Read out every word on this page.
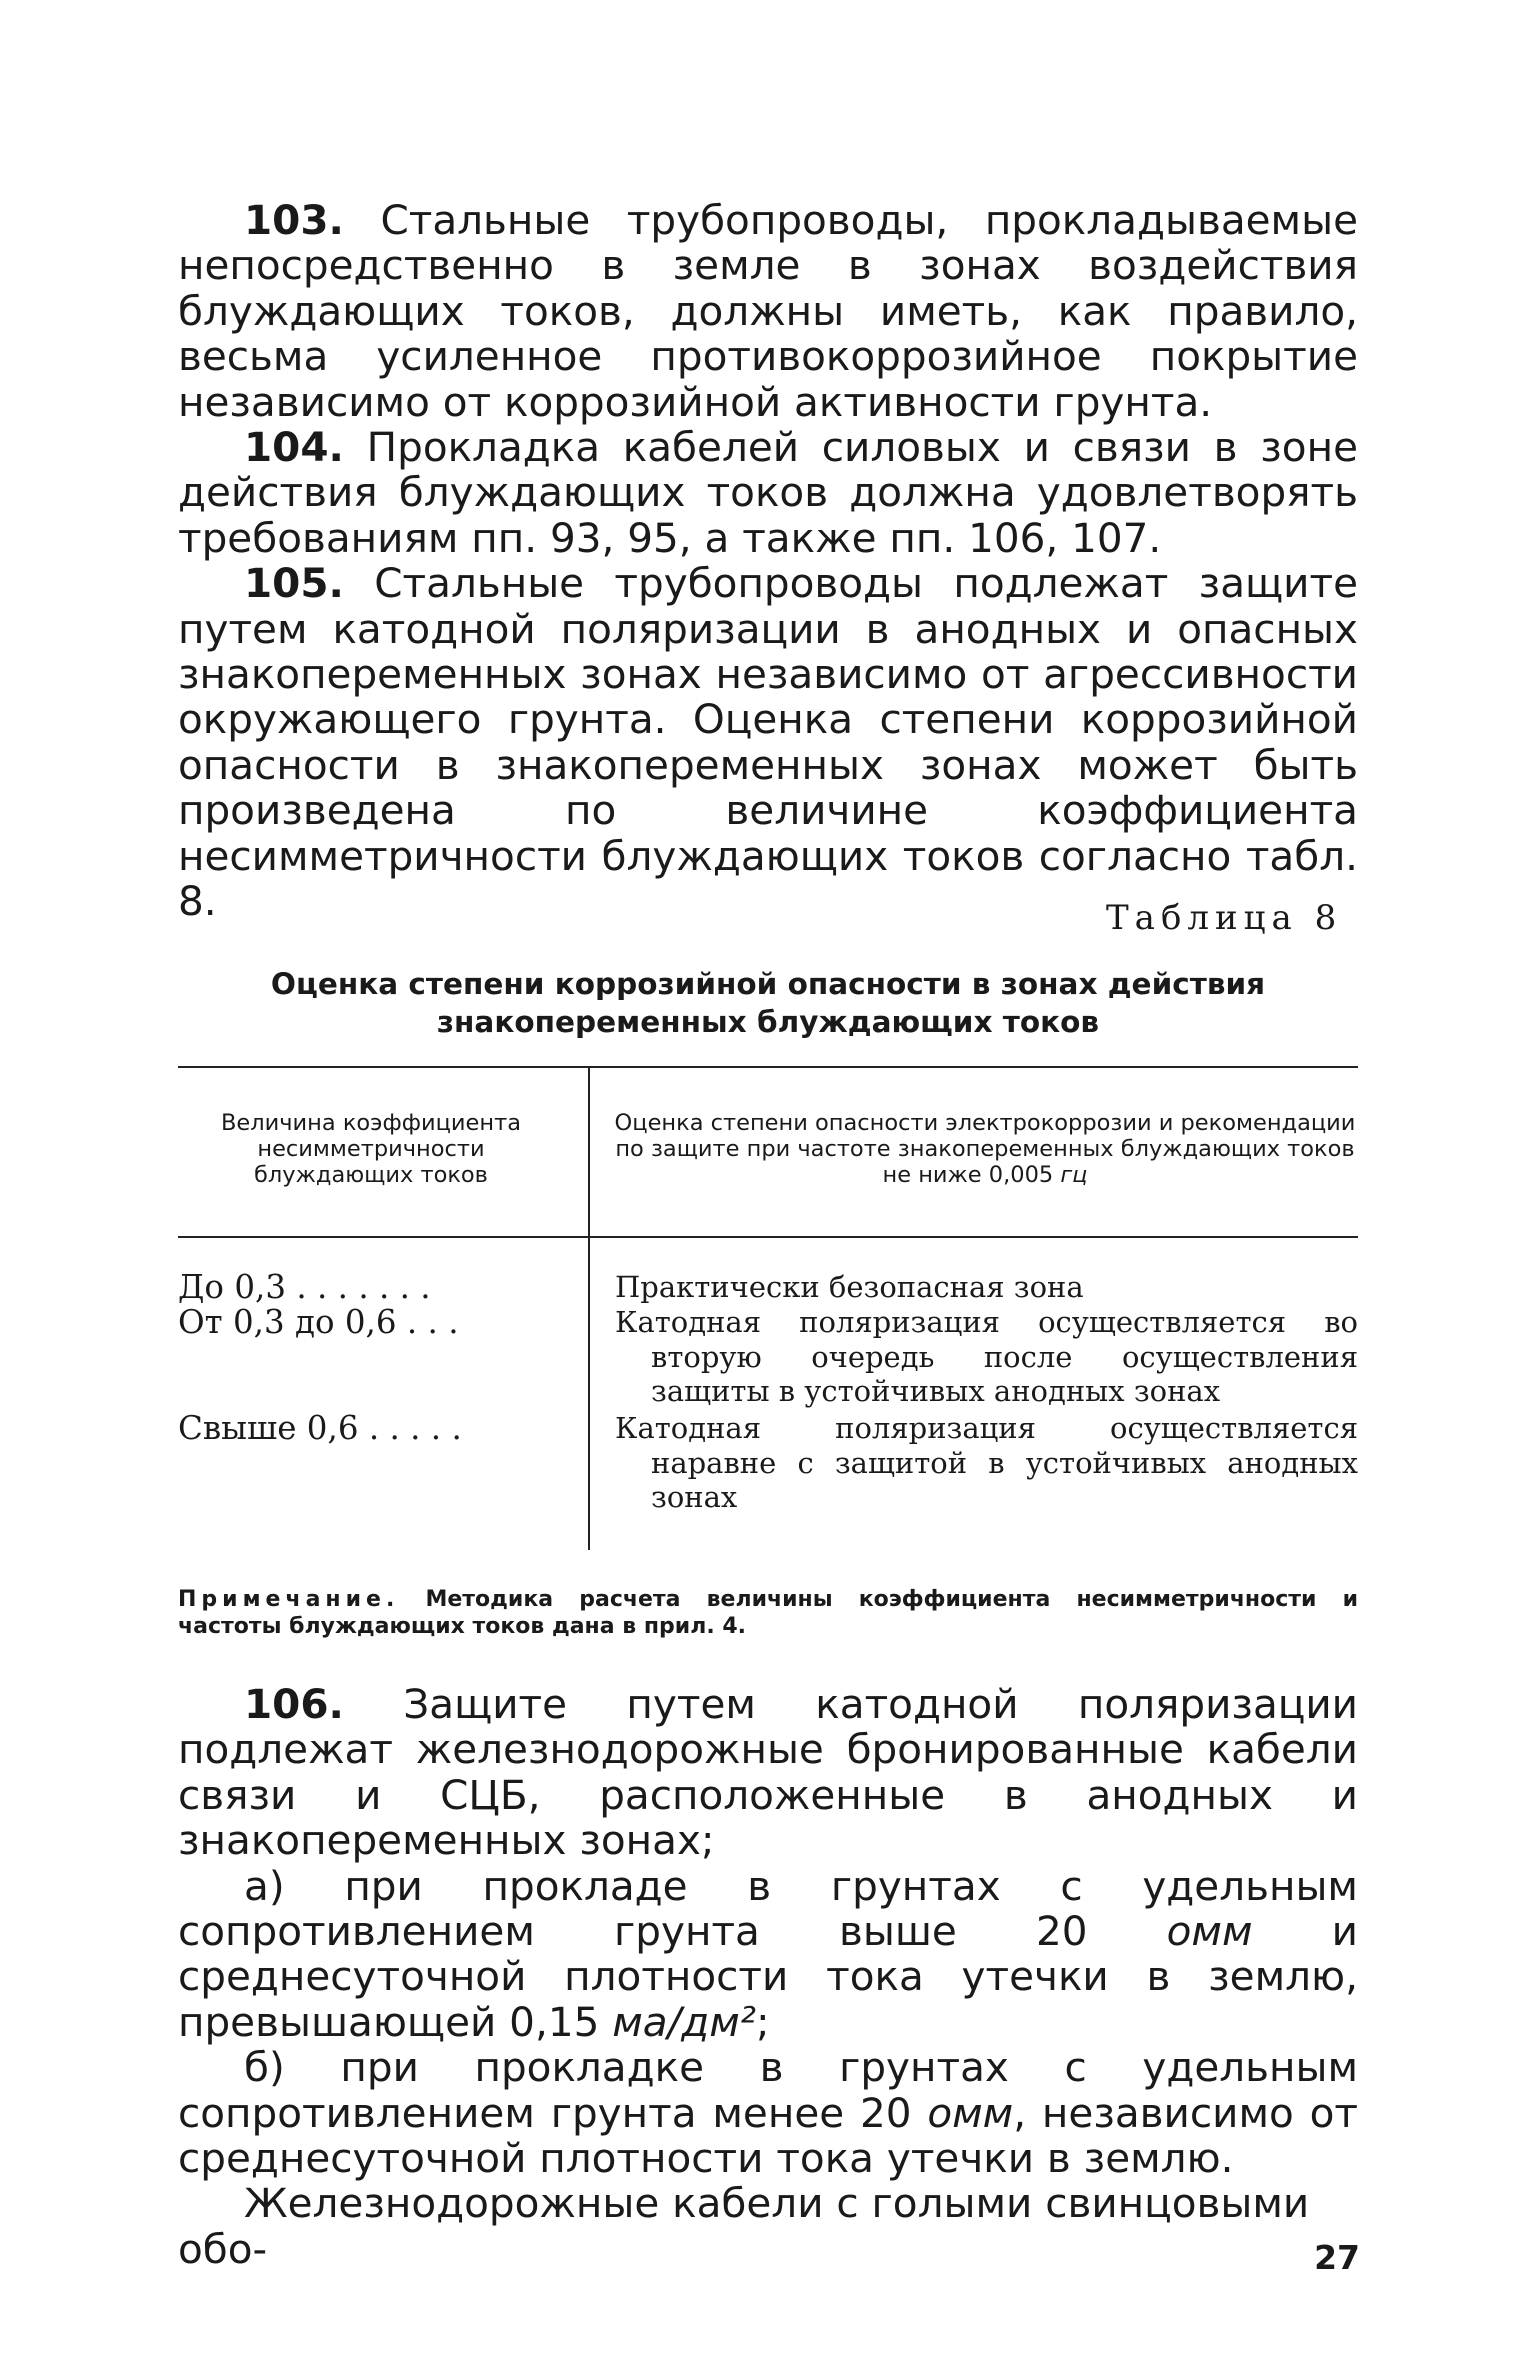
103. Стальные трубопроводы, прокладываемые непосредственно в земле в зонах воздействия блуждающих токов, должны иметь, как правило, весьма усиленное противокоррозийное покрытие независимо от коррозийной активности грунта.

104. Прокладка кабелей силовых и связи в зоне действия блуждающих токов должна удовлетворять требованиям пп. 93, 95, а также пп. 106, 107.

105. Стальные трубопроводы подлежат защите путем катодной поляризации в анодных и опасных знакопеременных зонах независимо от агрессивности окружающего грунта. Оценка степени коррозийной опасности в знакопеременных зонах может быть произведена по величине коэффициента несимметричности блуждающих токов согласно табл. 8.	Таблица 8
Оценка степени коррозийной опасности в зонах действия знакопеременных блуждающих токов
Величина коэффициента несимметричности блуждающих токов
Оценка степени опасности электрокоррозии и рекомендации по защите при частоте знакопеременных блуждающих токов не ниже 0,005 гц
До 0,3 . . . . . . .	Практически безопасная зона
От 0,3 до 0,6 . . .	Катодная поляризация осуществляется во вторую очередь после осуществления защиты в устойчивых анодных зонах
Свыше 0,6 . . . . .	Катодная поляризация осуществляется наравне с защитой в устойчивых анодных зонах
Примечание. Методика расчета величины коэффициента несимметричности и частоты блуждающих токов дана в прил. 4.

106. Защите путем катодной поляризации подлежат железнодорожные бронированные кабели связи и СЦБ, расположенные в анодных и знакопеременных зонах;

а) при прокладе в грунтах с удельным сопротивлением грунта выше 20 омм и среднесуточной плотности тока утечки в землю, превышающей 0,15 ма/дм²;

б) при прокладке в грунтах с удельным сопротивлением грунта менее 20 омм, независимо от среднесуточной плотности тока утечки в землю.

Железнодорожные кабели с голыми свинцовыми обо-	27
